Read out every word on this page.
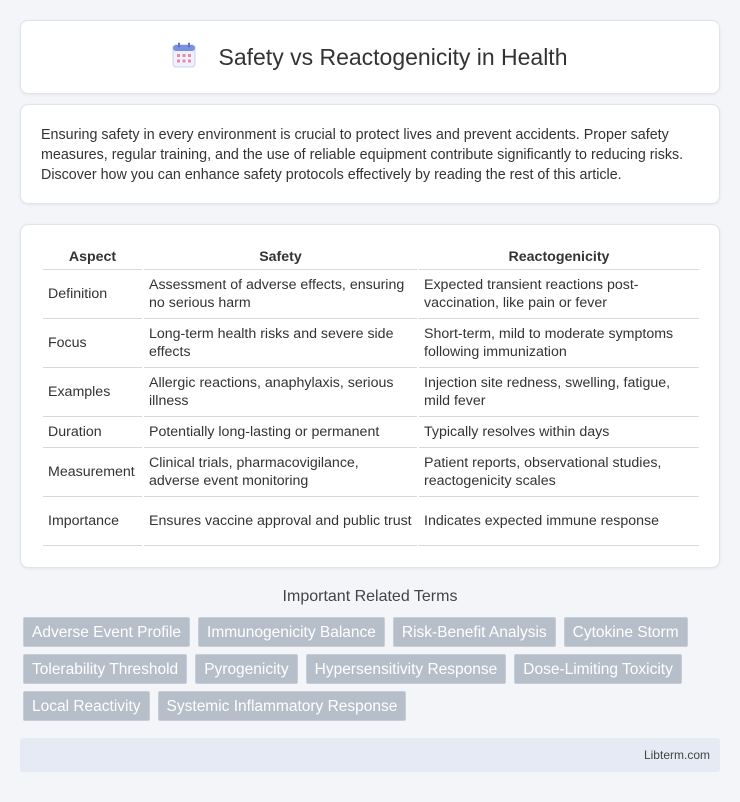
Safety vs Reactogenicity in Health

Ensuring safety in every environment is crucial to protect lives and prevent accidents. Proper safety measures, regular training, and the use of reliable equipment contribute significantly to reducing risks. Discover how you can enhance safety protocols effectively by reading the rest of this article.

Aspect	Safety	Reactogenicity
Definition	Assessment of adverse effects, ensuring no serious harm	Expected transient reactions post-vaccination, like pain or fever
Focus	Long-term health risks and severe side effects	Short-term, mild to moderate symptoms following immunization
Examples	Allergic reactions, anaphylaxis, serious illness	Injection site redness, swelling, fatigue, mild fever
Duration	Potentially long-lasting or permanent	Typically resolves within days
Measurement	Clinical trials, pharmacovigilance, adverse event monitoring	Patient reports, observational studies, reactogenicity scales
Importance	Ensures vaccine approval and public trust	Indicates expected immune response
Important Related Terms
Adverse Event Profile	Immunogenicity Balance	Risk-Benefit Analysis	Cytokine Storm
Tolerability Threshold	Pyrogenicity	Hypersensitivity Response	Dose-Limiting Toxicity
Local Reactivity	Systemic Inflammatory Response
Libterm.com
